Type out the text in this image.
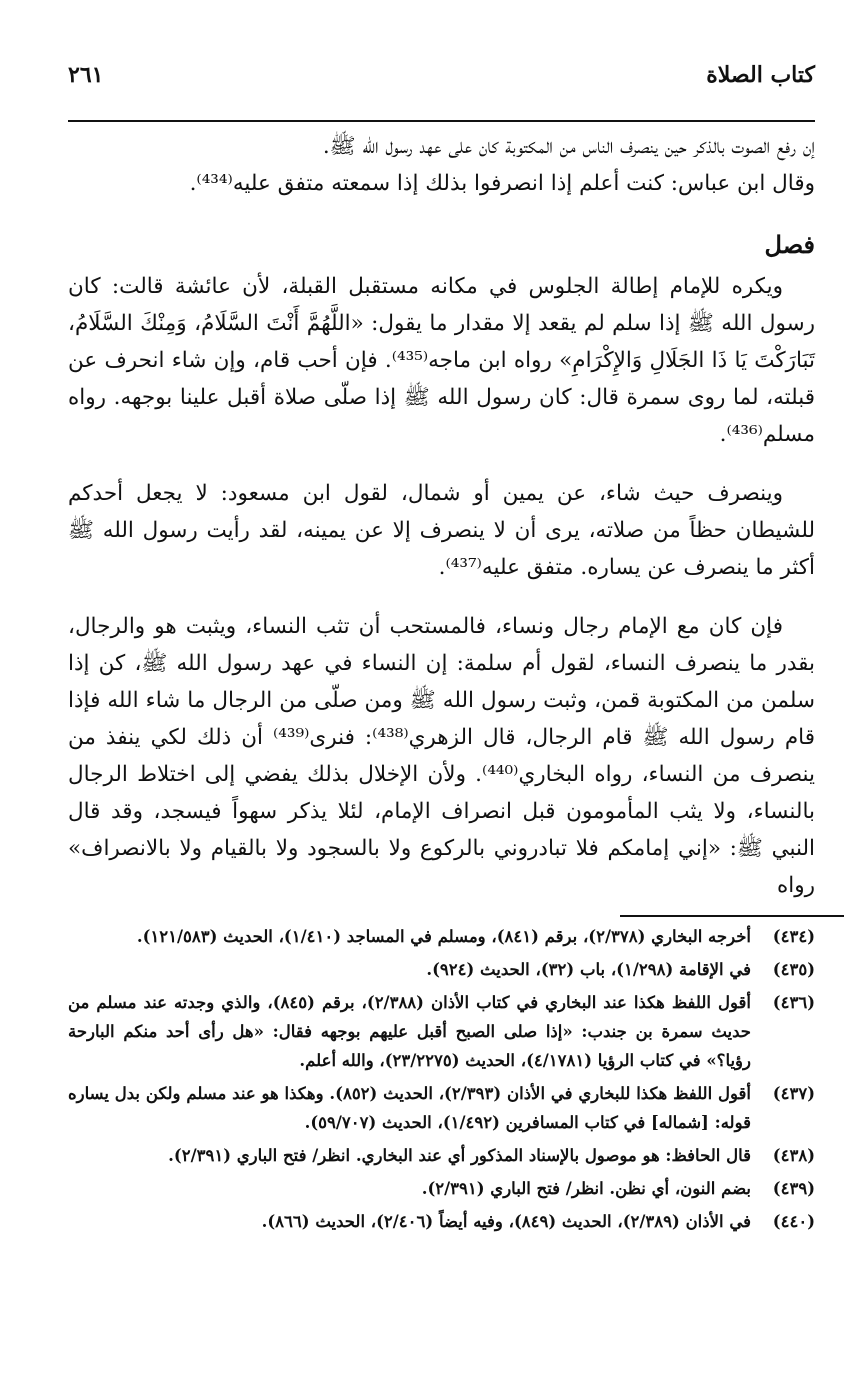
كتاب الصلاة
٢٦١

إن رفع الصوت بالذكر حين ينصرف الناس من المكتوبة كان على عهد رسول الله ﷺ.

وقال ابن عباس: كنت أعلم إذا انصرفوا بذلك إذا سمعته متفق عليه⁽⁴³⁴⁾.

فصل

ويكره للإمام إطالة الجلوس في مكانه مستقبل القبلة، لأن عائشة قالت: كان رسول الله ﷺ إذا سلم لم يقعد إلا مقدار ما يقول: «اللَّهُمَّ أَنْتَ السَّلَامُ، وَمِنْكَ السَّلَامُ، تَبَارَكْتَ يَا ذَا الجَلَالِ وَالإِكْرَامِ» رواه ابن ماجه⁽⁴³⁵⁾. فإن أحب قام، وإن شاء انحرف عن قبلته، لما روى سمرة قال: كان رسول الله ﷺ إذا صلّى صلاة أقبل علينا بوجهه. رواه مسلم⁽⁴³⁶⁾.

وينصرف حيث شاء، عن يمين أو شمال، لقول ابن مسعود: لا يجعل أحدكم للشيطان حظاً من صلاته، يرى أن لا ينصرف إلا عن يمينه، لقد رأيت رسول الله ﷺ أكثر ما ينصرف عن يساره. متفق عليه⁽⁴³⁷⁾.

فإن كان مع الإمام رجال ونساء، فالمستحب أن تثب النساء، ويثبت هو والرجال، بقدر ما ينصرف النساء، لقول أم سلمة: إن النساء في عهد رسول الله ﷺ، كن إذا سلمن من المكتوبة قمن، وثبت رسول الله ﷺ ومن صلّى من الرجال ما شاء الله فإذا قام رسول الله ﷺ قام الرجال، قال الزهري⁽⁴³⁸⁾: فنرى⁽⁴³⁹⁾ أن ذلك لكي ينفذ من ينصرف من النساء، رواه البخاري⁽⁴⁴⁰⁾. ولأن الإخلال بذلك يفضي إلى اختلاط الرجال بالنساء، ولا يثب المأمومون قبل انصراف الإمام، لئلا يذكر سهواً فيسجد، وقد قال النبي ﷺ: «إني إمامكم فلا تبادروني بالركوع ولا بالسجود ولا بالقيام ولا بالانصراف» رواه

(٤٣٤)
أخرجه البخاري (٢/٣٧٨)، برقم (٨٤١)، ومسلم في المساجد (١/٤١٠)، الحديث (١٢١/٥٨٣).
(٤٣٥)
في الإقامة (١/٢٩٨)، باب (٣٢)، الحديث (٩٢٤).
(٤٣٦)
أقول اللفظ هكذا عند البخاري في كتاب الأذان (٢/٣٨٨)، برقم (٨٤٥)، والذي وجدته عند مسلم من حديث سمرة بن جندب: «إذا صلى الصبح أقبل عليهم بوجهه فقال: «هل رأى أحد منكم البارحة رؤيا؟» في كتاب الرؤيا (٤/١٧٨١)، الحديث (٢٣/٢٢٧٥)، والله أعلم.
(٤٣٧)
أقول اللفظ هكذا للبخاري في الأذان (٢/٣٩٣)، الحديث (٨٥٢). وهكذا هو عند مسلم ولكن بدل يساره قوله: [شماله] في كتاب المسافرين (١/٤٩٢)، الحديث (٥٩/٧٠٧).
(٤٣٨)
قال الحافظ: هو موصول بالإسناد المذكور أي عند البخاري. انظر/ فتح الباري (٢/٣٩١).
(٤٣٩)
بضم النون، أي نظن. انظر/ فتح الباري (٢/٣٩١).
(٤٤٠)
في الأذان (٢/٣٨٩)، الحديث (٨٤٩)، وفيه أيضاً (٢/٤٠٦)، الحديث (٨٦٦).
